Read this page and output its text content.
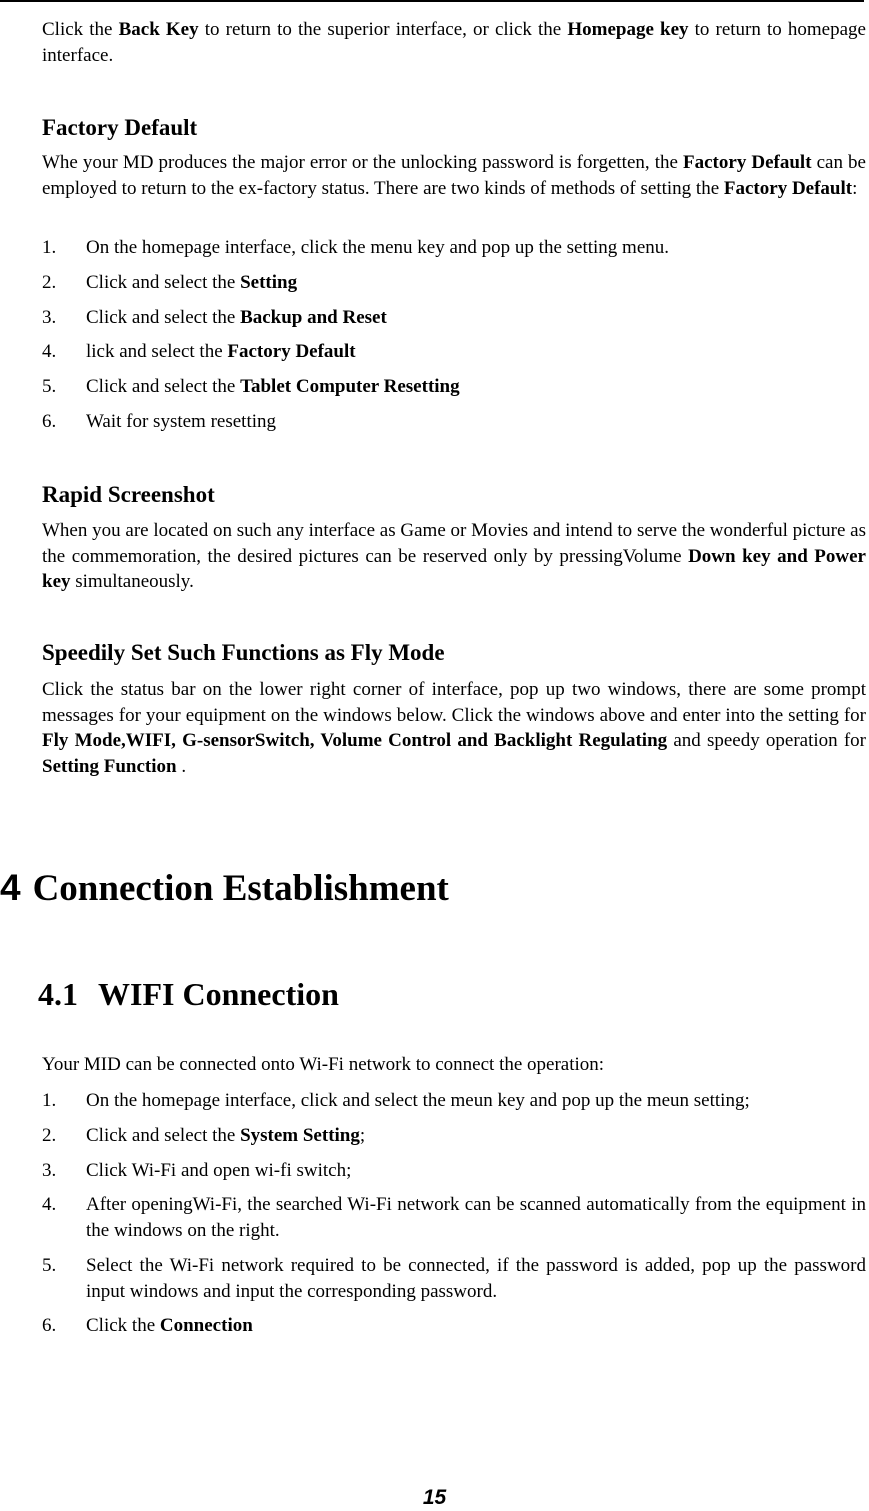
Click the Back Key to return to the superior interface, or click the Homepage key to return to homepage interface.

Factory Default

Whe your MD produces the major error or the unlocking password is forgetten, the Factory Default can be employed to return to the ex-factory status. There are two kinds of methods of setting the Factory Default:

1. On the homepage interface, click the menu key and pop up the setting menu.
2. Click and select the Setting
3. Click and select the Backup and Reset
4. lick and select the Factory Default
5. Click and select the Tablet Computer Resetting
6. Wait for system resetting
Rapid Screenshot

When you are located on such any interface as Game or Movies and intend to serve the wonderful picture as the commemoration, the desired pictures can be reserved only by pressingVolume Down key and Power key simultaneously.

Speedily Set Such Functions as Fly Mode

Click the status bar on the lower right corner of interface, pop up two windows, there are some prompt messages for your equipment on the windows below. Click the windows above and enter into the setting for Fly Mode,WIFI, G-sensorSwitch, Volume Control and Backlight Regulating and speedy operation for Setting Function .

4 Connection Establishment
4.1 WIFI Connection

Your MID can be connected onto Wi-Fi network to connect the operation:

1. On the homepage interface, click and select the meun key and pop up the meun setting;
2. Click and select the System Setting;
3. Click Wi-Fi and open wi-fi switch;
4. After openingWi-Fi, the searched Wi-Fi network can be scanned automatically from the equipment in the windows on the right.
5. Select the Wi-Fi network required to be connected, if the password is added, pop up the password input windows and input the corresponding password.
6. Click the Connection
15
